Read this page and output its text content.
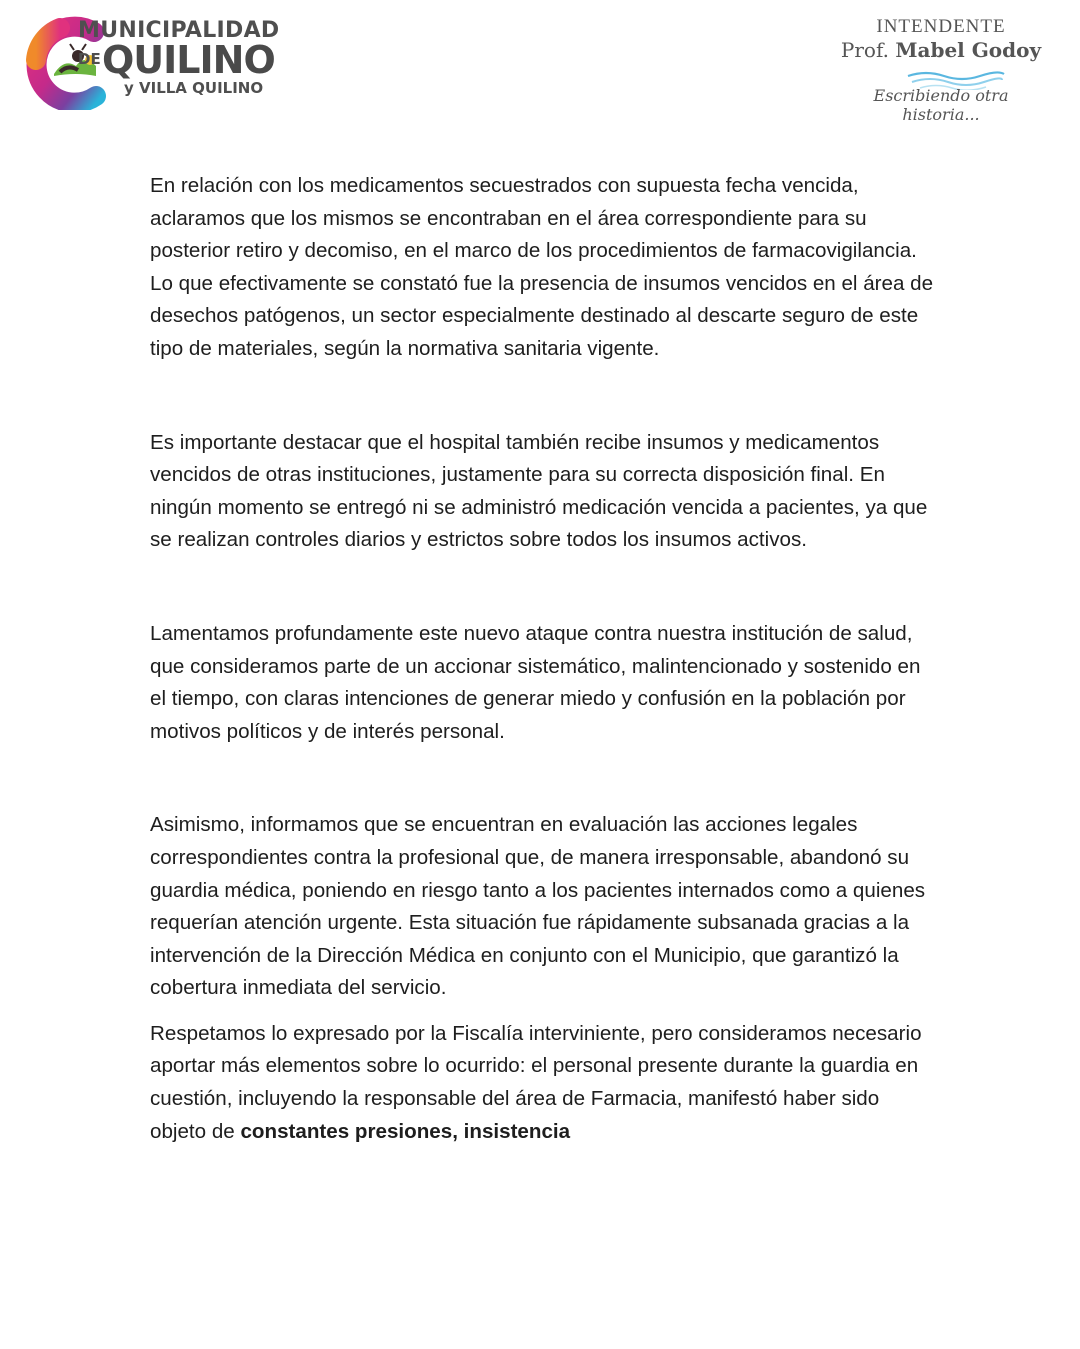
MUNICIPALIDAD
DE QUILINO
y VILLA QUILINO
INTENDENTE
Prof. Mabel Godoy
Escribiendo otra historia...

En relación con los medicamentos secuestrados con supuesta fecha vencida, aclaramos que los mismos se encontraban en el área correspondiente para su posterior retiro y decomiso, en el marco de los procedimientos de farmacovigilancia. Lo que efectivamente se constató fue la presencia de insumos vencidos en el área de desechos patógenos, un sector especialmente destinado al descarte seguro de este tipo de materiales, según la normativa sanitaria vigente.

Es importante destacar que el hospital también recibe insumos y medicamentos vencidos de otras instituciones, justamente para su correcta disposición final. En ningún momento se entregó ni se administró medicación vencida a pacientes, ya que se realizan controles diarios y estrictos sobre todos los insumos activos.

Lamentamos profundamente este nuevo ataque contra nuestra institución de salud, que consideramos parte de un accionar sistemático, malintencionado y sostenido en el tiempo, con claras intenciones de generar miedo y confusión en la población por motivos políticos y de interés personal.

Asimismo, informamos que se encuentran en evaluación las acciones legales correspondientes contra la profesional que, de manera irresponsable, abandonó su guardia médica, poniendo en riesgo tanto a los pacientes internados como a quienes requerían atención urgente. Esta situación fue rápidamente subsanada gracias a la intervención de la Dirección Médica en conjunto con el Municipio, que garantizó la cobertura inmediata del servicio.

Respetamos lo expresado por la Fiscalía interviniente, pero consideramos necesario aportar más elementos sobre lo ocurrido: el personal presente durante la guardia en cuestión, incluyendo la responsable del área de Farmacia, manifestó haber sido objeto de constantes presiones, insistencia
